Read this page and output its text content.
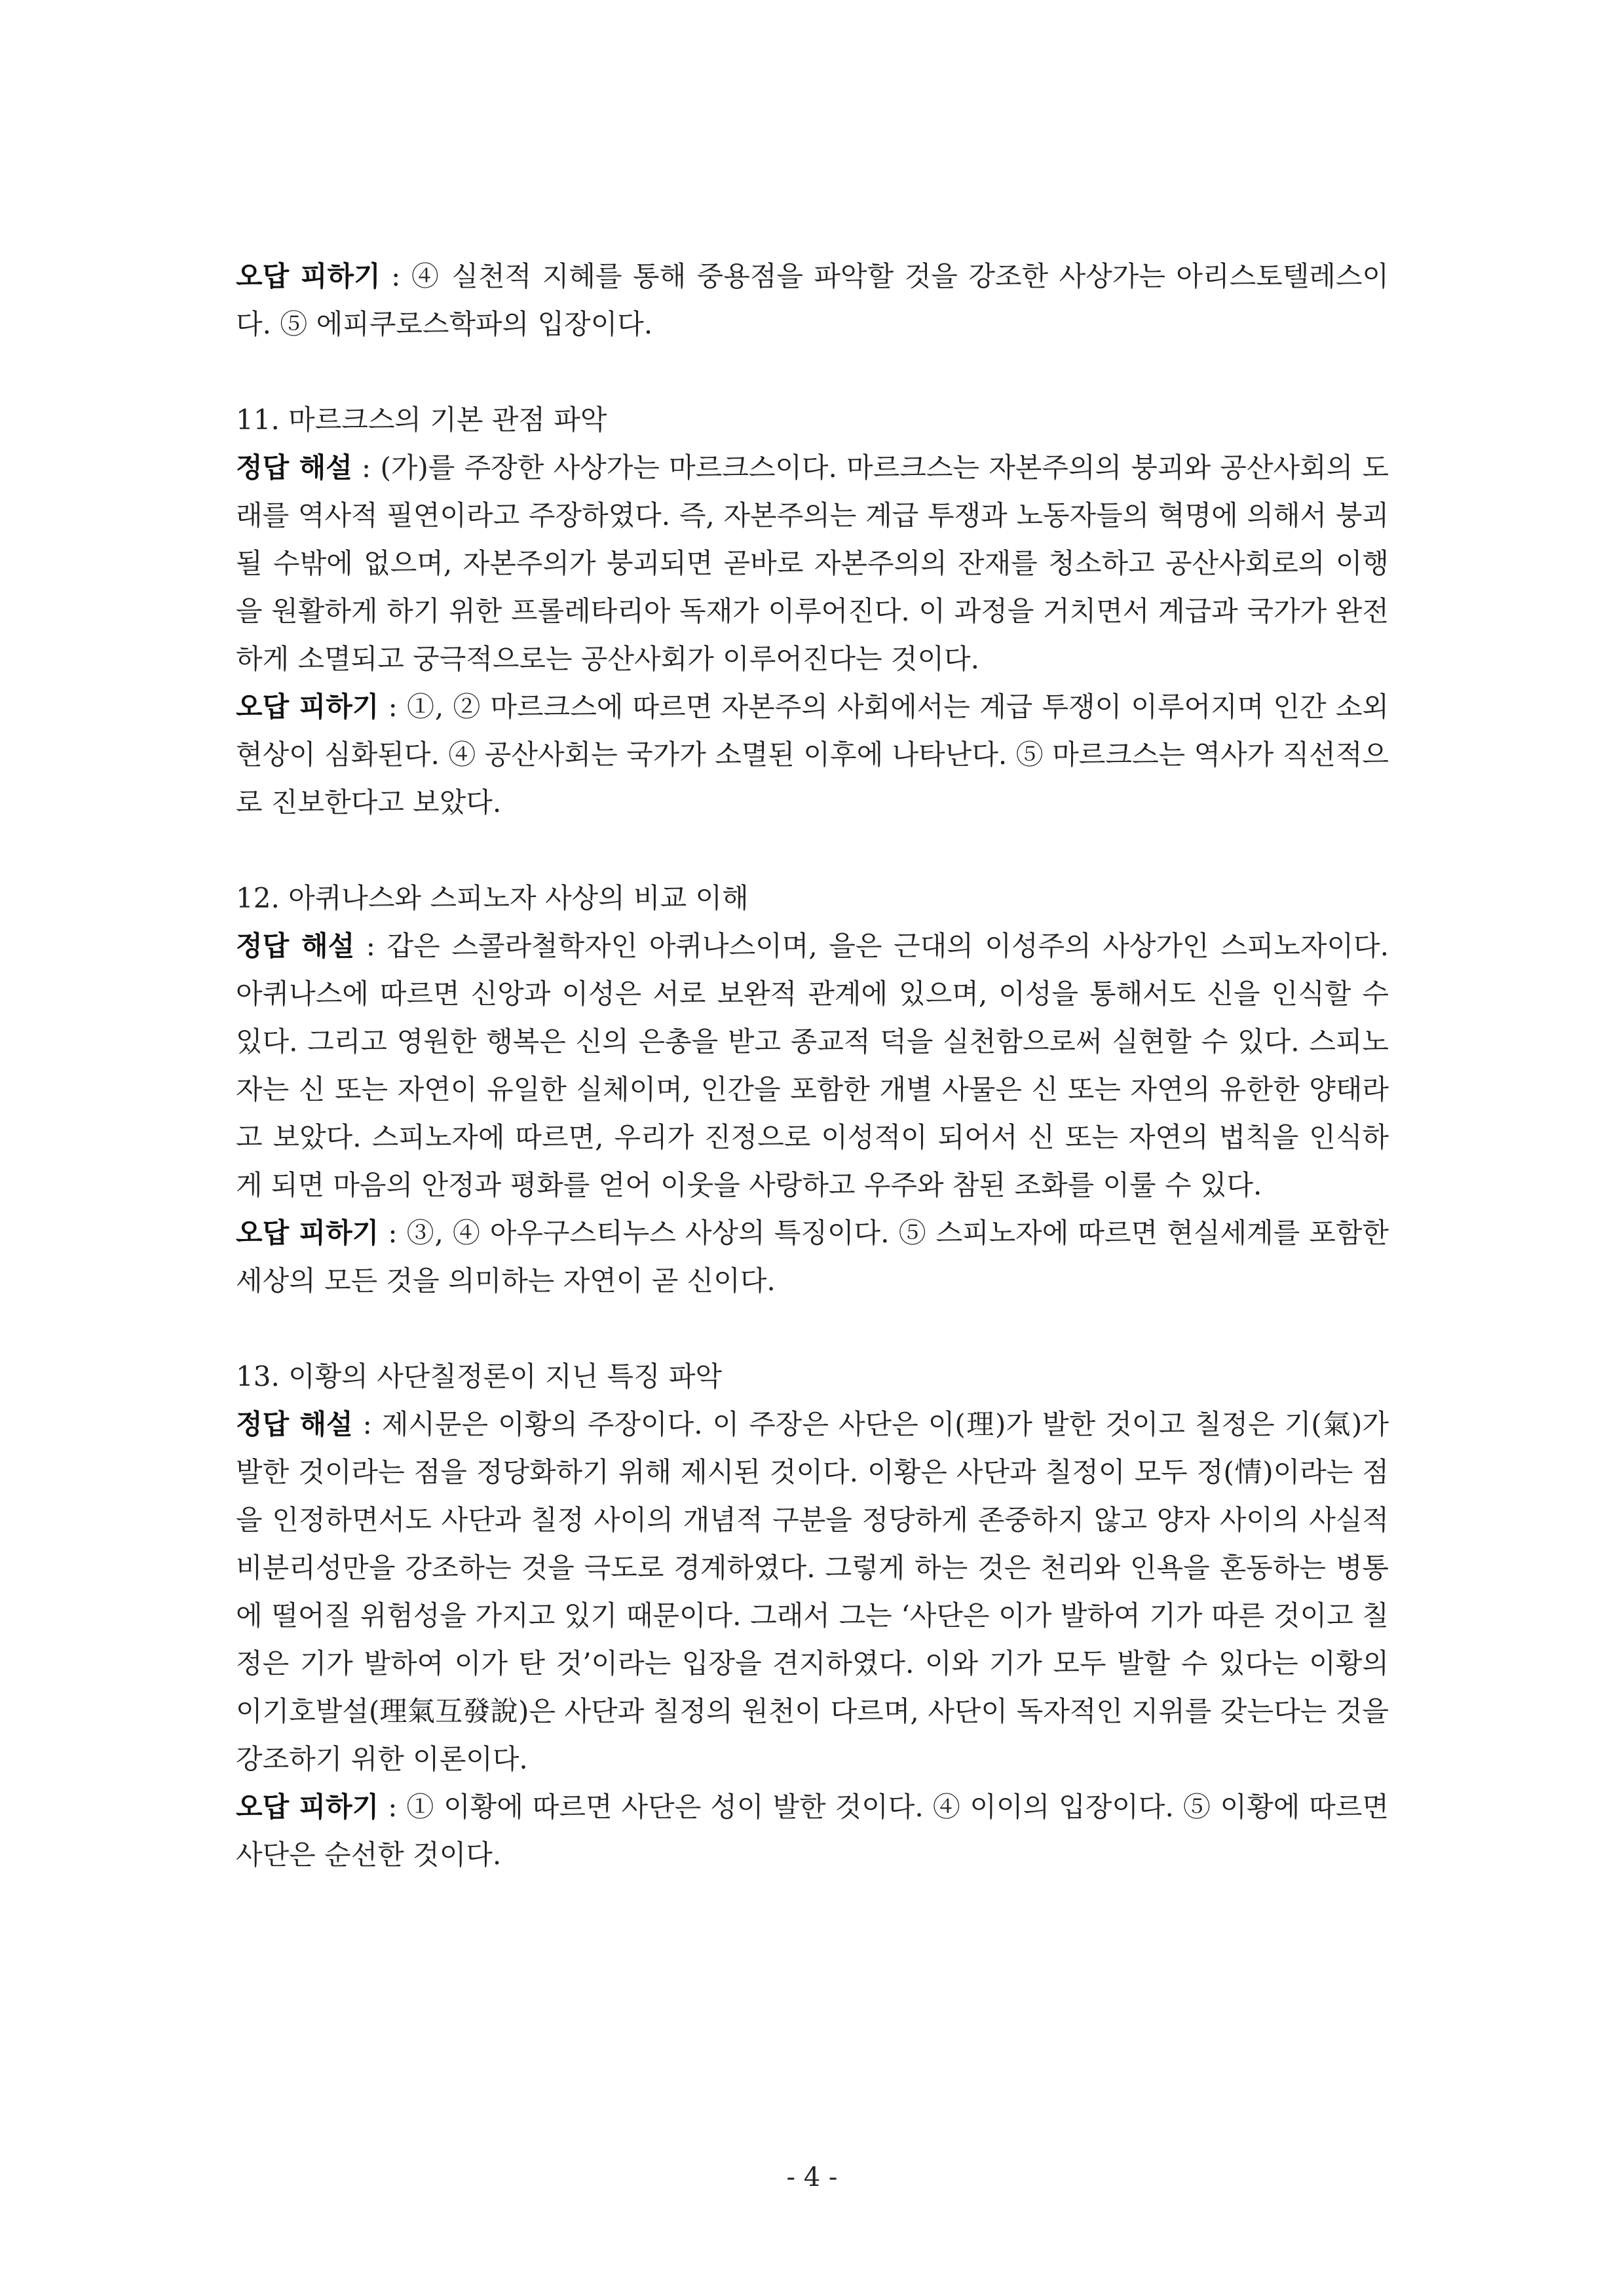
오답 피하기 : ④ 실천적 지혜를 통해 중용점을 파악할 것을 강조한 사상가는 아리스토텔레스이다. ⑤ 에피쿠로스학파의 입장이다.

11. 마르크스의 기본 관점 파악

정답 해설 : (가)를 주장한 사상가는 마르크스이다. 마르크스는 자본주의의 붕괴와 공산사회의 도래를 역사적 필연이라고 주장하였다. 즉, 자본주의는 계급 투쟁과 노동자들의 혁명에 의해서 붕괴될 수밖에 없으며, 자본주의가 붕괴되면 곧바로 자본주의의 잔재를 청소하고 공산사회로의 이행을 원활하게 하기 위한 프롤레타리아 독재가 이루어진다. 이 과정을 거치면서 계급과 국가가 완전하게 소멸되고 궁극적으로는 공산사회가 이루어진다는 것이다.

오답 피하기 : ①, ② 마르크스에 따르면 자본주의 사회에서는 계급 투쟁이 이루어지며 인간 소외 현상이 심화된다. ④ 공산사회는 국가가 소멸된 이후에 나타난다. ⑤ 마르크스는 역사가 직선적으로 진보한다고 보았다.

12. 아퀴나스와 스피노자 사상의 비교 이해

정답 해설 : 갑은 스콜라철학자인 아퀴나스이며, 을은 근대의 이성주의 사상가인 스피노자이다. 아퀴나스에 따르면 신앙과 이성은 서로 보완적 관계에 있으며, 이성을 통해서도 신을 인식할 수 있다. 그리고 영원한 행복은 신의 은총을 받고 종교적 덕을 실천함으로써 실현할 수 있다. 스피노자는 신 또는 자연이 유일한 실체이며, 인간을 포함한 개별 사물은 신 또는 자연의 유한한 양태라고 보았다. 스피노자에 따르면, 우리가 진정으로 이성적이 되어서 신 또는 자연의 법칙을 인식하게 되면 마음의 안정과 평화를 얻어 이웃을 사랑하고 우주와 참된 조화를 이룰 수 있다.

오답 피하기 : ③, ④ 아우구스티누스 사상의 특징이다. ⑤ 스피노자에 따르면 현실세계를 포함한 세상의 모든 것을 의미하는 자연이 곧 신이다.

13. 이황의 사단칠정론이 지닌 특징 파악

정답 해설 : 제시문은 이황의 주장이다. 이 주장은 사단은 이(理)가 발한 것이고 칠정은 기(氣)가 발한 것이라는 점을 정당화하기 위해 제시된 것이다. 이황은 사단과 칠정이 모두 정(情)이라는 점을 인정하면서도 사단과 칠정 사이의 개념적 구분을 정당하게 존중하지 않고 양자 사이의 사실적 비분리성만을 강조하는 것을 극도로 경계하였다. 그렇게 하는 것은 천리와 인욕을 혼동하는 병통에 떨어질 위험성을 가지고 있기 때문이다. 그래서 그는 ‘사단은 이가 발하여 기가 따른 것이고 칠정은 기가 발하여 이가 탄 것’이라는 입장을 견지하였다. 이와 기가 모두 발할 수 있다는 이황의 이기호발설(理氣互發說)은 사단과 칠정의 원천이 다르며, 사단이 독자적인 지위를 갖는다는 것을 강조하기 위한 이론이다.

오답 피하기 : ① 이황에 따르면 사단은 성이 발한 것이다. ④ 이이의 입장이다. ⑤ 이황에 따르면 사단은 순선한 것이다.

- 4 -
